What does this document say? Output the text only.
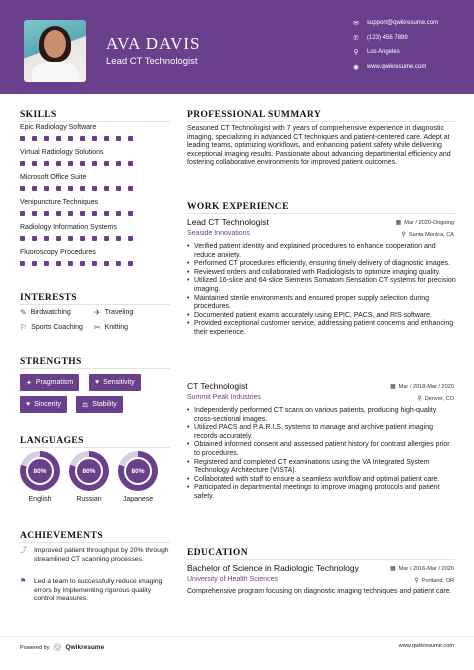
AVA DAVIS
Lead CT Technologist
✉ support@qwikresume.com
✆ (123) 456 7899
⚲ Los Angeles
◉ www.qwikresume.com
SKILLS
Epic Radiology Software
Virtual Radiology Solutions
Microsoft Office Suite
Venipuncture Techniques
Radiology Information Systems
Fluoroscopy Procedures
INTERESTS
✎ Birdwatching	✈ Traveling
⚐ Sports Coaching ✂ Knitting
STRENGTHS
✦ Pragmatism	♥ Sensitivity
♥ Sincerity	⚖ Stability
LANGUAGES
80%
English
80%
Russian
80%
Japanese
ACHIEVEMENTS
⤴ Improved patient throughput by 20% through streamlined CT scanning processes.
⚑	Led a team to successfully reduce imaging errors by implementing rigorous quality control measures.
PROFESSIONAL SUMMARY
Seasoned CT Technologist with 7 years of comprehensive experience in diagnostic imaging, specializing in advanced CT techniques and patient-centered care. Adept at leading teams, optimizing workflows, and enhancing patient safety while delivering exceptional imaging results. Passionate about advancing departmental efficiency and fostering collaborative environments for improved patient outcomes.
WORK EXPERIENCE
Lead CT Technologist	▦ Mar / 2020-Ongoing
Seaside Innovations	⚲ Santa Monica, CA
• Verified patient identity and explained procedures to enhance cooperation and reduce anxiety.
• Performed CT procedures efficiently, ensuring timely delivery of diagnostic images.
• Reviewed orders and collaborated with Radiologists to optimize imaging quality.
• Utilized 16-slice and 64-slice Siemens Somatom Sensation CT systems for precision imaging.
• Maintained sterile environments and ensured proper supply selection during procedures.
• Documented patient exams accurately using EPIC, PACS, and RIS software.
• Provided exceptional customer service, addressing patient concerns and enhancing their experience.
CT Technologist	▦ Mar / 2018-Mar / 2020
Summit Peak Industries	⚲ Denver, CO
• Independently performed CT scans on various patients, producing high-quality cross-sectional images.
• Utilized PACS and P.A.R.I.S. systems to manage and archive patient imaging records accurately.
• Obtained informed consent and assessed patient history for contrast allergies prior to procedures.
• Registered and completed CT examinations using the VA Integrated System Technology Architecture (VISTA).
• Collaborated with staff to ensure a seamless workflow and optimal patient care.
• Participated in departmental meetings to improve imaging protocols and patient safety.
EDUCATION
Bachelor of Science in Radiologic Technology	▦ Mar / 2016-Mar / 2020
University of Health Sciences	⚲ Portland, OR
Comprehensive program focusing on diagnostic imaging techniques and patient care.
Powered by Ⓠ Qwikresume	www.qwikresume.com
